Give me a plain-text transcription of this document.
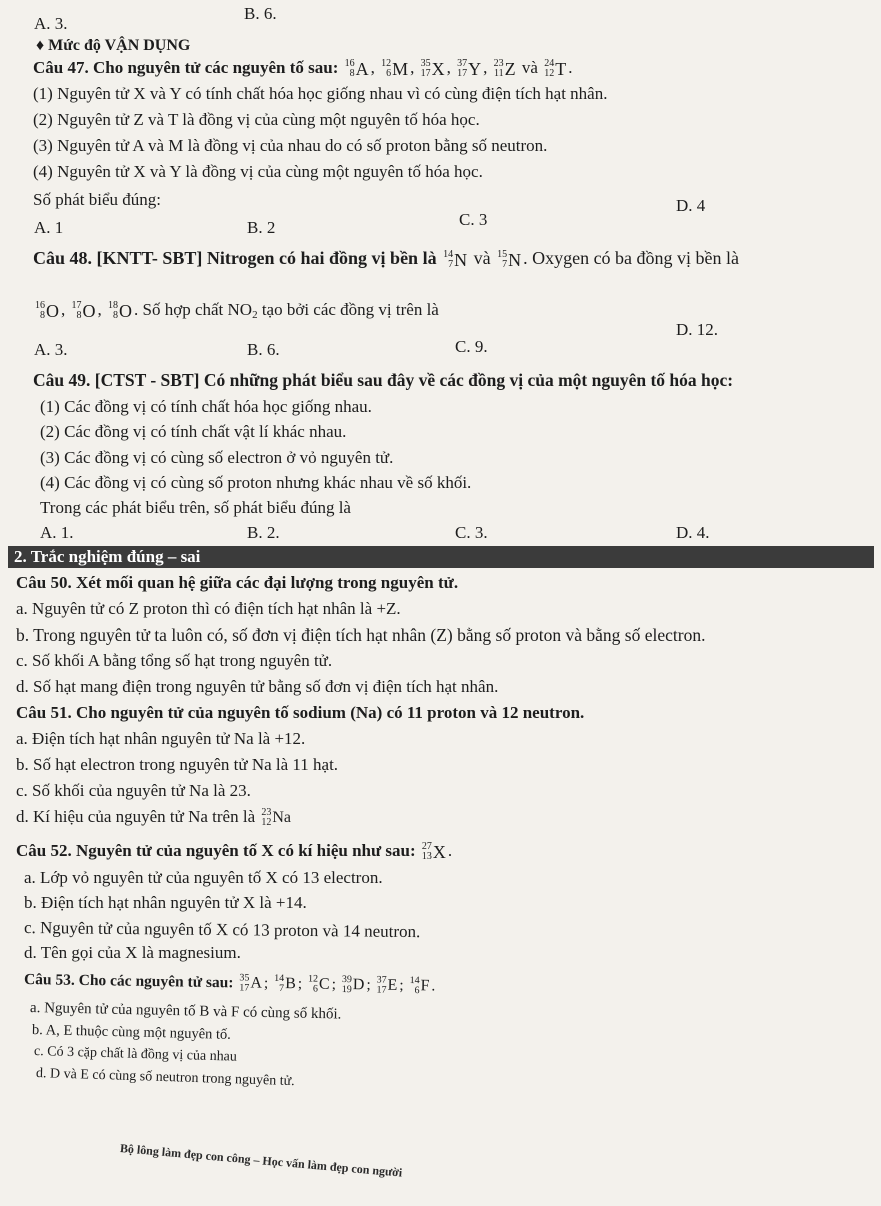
A. 3.
B. 6.
♦ Mức độ VẬN DỤNG
Câu 47. Cho nguyên tử các nguyên tố sau: 16
8 A , 12
6 M , 35
17 X , 37
17 Y , 23
11 Z và 24
12 T .
(1) Nguyên tử X và Y có tính chất hóa học giống nhau vì có cùng điện tích hạt nhân.
(2) Nguyên tử Z và T là đồng vị của cùng một nguyên tố hóa học.
(3) Nguyên tử A và M là đồng vị của nhau do có số proton bằng số neutron.
(4) Nguyên tử X và Y là đồng vị của cùng một nguyên tố hóa học.
Số phát biểu đúng:	D. 4
A. 1	B. 2	C. 3
Câu 48. [KNTT- SBT] Nitrogen có hai đồng vị bền là 14
7 N và 15
7 N . Oxygen có ba đồng vị bền là
16
8 O , 17
8 O , 18
8 O . Số hợp chất $NO_2$ tạo bởi các đồng vị trên là
D. 12.
A. 3.	B. 6.	C. 9.
Câu 49. [CTST - SBT] Có những phát biểu sau đây về các đồng vị của một nguyên tố hóa học:
(1) Các đồng vị có tính chất hóa học giống nhau.
(2) Các đồng vị có tính chất vật lí khác nhau.
(3) Các đồng vị có cùng số electron ở vỏ nguyên tử.
(4) Các đồng vị có cùng số proton nhưng khác nhau về số khối.
Trong các phát biểu trên, số phát biểu đúng là
A. 1.	B. 2.	C. 3.	D. 4.
2. Trắc nghiệm đúng – sai
Câu 50. Xét mối quan hệ giữa các đại lượng trong nguyên tử.
a. Nguyên tử có Z proton thì có điện tích hạt nhân là +Z.
b. Trong nguyên tử ta luôn có, số đơn vị điện tích hạt nhân (Z) bằng số proton và bằng số electron.
c. Số khối A bằng tổng số hạt trong nguyên tử.
d. Số hạt mang điện trong nguyên tử bằng số đơn vị điện tích hạt nhân.
Câu 51. Cho nguyên tử của nguyên tố sodium (Na) có 11 proton và 12 neutron.
a. Điện tích hạt nhân nguyên tử Na là +12.
b. Số hạt electron trong nguyên tử Na là 11 hạt.
c. Số khối của nguyên tử Na là 23.
d. Kí hiệu của nguyên tử Na trên là 23
12 Na
Câu 52. Nguyên tử của nguyên tố X có kí hiệu như sau: 27
13 X .
a. Lớp vỏ nguyên tử của nguyên tố X có 13 electron.
b. Điện tích hạt nhân nguyên tử X là +14.
c. Nguyên tử của nguyên tố X có 13 proton và 14 neutron.
d. Tên gọi của X là magnesium.
Câu 53. Cho các nguyên tử sau: 35
17 A ; 14
7 B ; 12
6 C ; 39
19 D ; 37
17 E ; 14
6 F .
a. Nguyên tử của nguyên tố B và F có cùng số khối.
b. A, E thuộc cùng một nguyên tố.
c. Có 3 cặp chất là đồng vị của nhau
d. D và E có cùng số neutron trong nguyên tử.
Bộ lông làm đẹp con công – Học vấn làm đẹp con người
